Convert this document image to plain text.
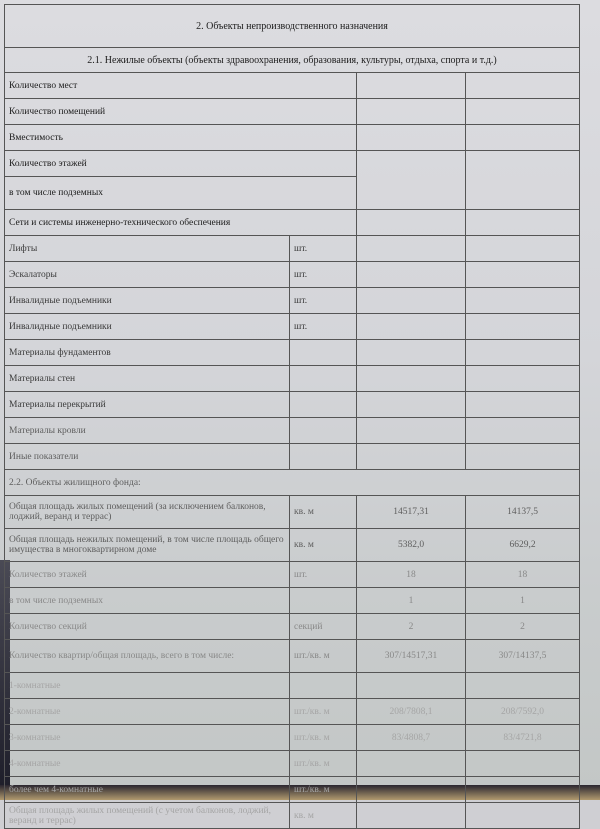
2. Объекты непроизводственного назначения			
2.1. Нежилые объекты (объекты здравоохранения, образования, культуры, отдыха, спорта и т.д.)			
Количество мест			
Количество помещений			
Вместимость			
Количество этажей			
в том числе подземных			
Сети и системы инженерно-технического обеспечения			
Лифты	шт.		
Эскалаторы	шт.		
Инвалидные подъемники	шт.		
Инвалидные подъемники	шт.		
Материалы фундаментов			
Материалы стен			
Материалы перекрытий			
Материалы кровли			
Иные показатели			
2.2. Объекты жилищного фонда:			
Общая площадь жилых помещений (за исключением балконов, лоджий, веранд и террас)	кв. м	14517,31	14137,5
Общая площадь нежилых помещений, в том числе площадь общего имущества в многоквартирном доме	кв. м	5382,0	6629,2
Количество этажей	шт.	18	18
в том числе подземных		1	1
Количество секций	секций	2	2
Количество квартир/общая площадь, всего в том числе:	шт./кв. м	307/14517,31	307/14137,5
1-комнатные			
2-комнатные	шт./кв. м	208/7808,1	208/7592,0
3-комнатные	шт./кв. м	83/4808,7	83/4721,8
4-комнатные	шт./кв. м		
более чем 4-комнатные	шт./кв. м		
Общая площадь жилых помещений (с учетом балконов, лоджий, веранд и террас)	кв. м		
